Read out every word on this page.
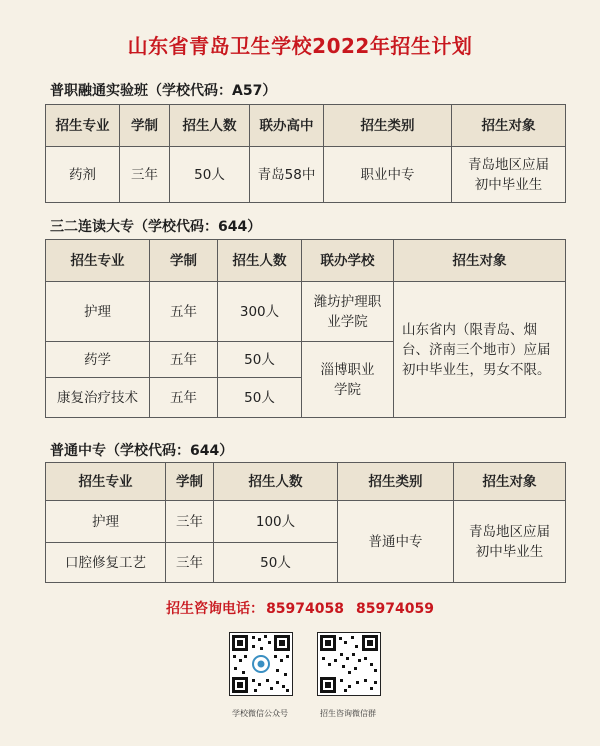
山东省青岛卫生学校2022年招生计划
普职融通实验班（学校代码：A57）
招生专业	学制	招生人数	联办高中	招生类别	招生对象
药剂	三年	50人	青岛58中	职业中专	青岛地区应届初中毕业生
三二连读大专（学校代码：644）
招生专业	学制	招生人数	联办学校	招生对象
护理	五年	300人	潍坊护理职业学院	山东省内（限青岛、烟台、济南三个地市）应届初中毕业生，男女不限。
药学	五年	50人	淄博职业学院	
康复治疗技术	五年	50人		
普通中专（学校代码：644）
招生专业	学制	招生人数	招生类别	招生对象
护理	三年	100人	普通中专	青岛地区应届初中毕业生
口腔修复工艺	三年	50人		
招生咨询电话： 85974058 85974059
学校微信公众号	招生咨询微信群
